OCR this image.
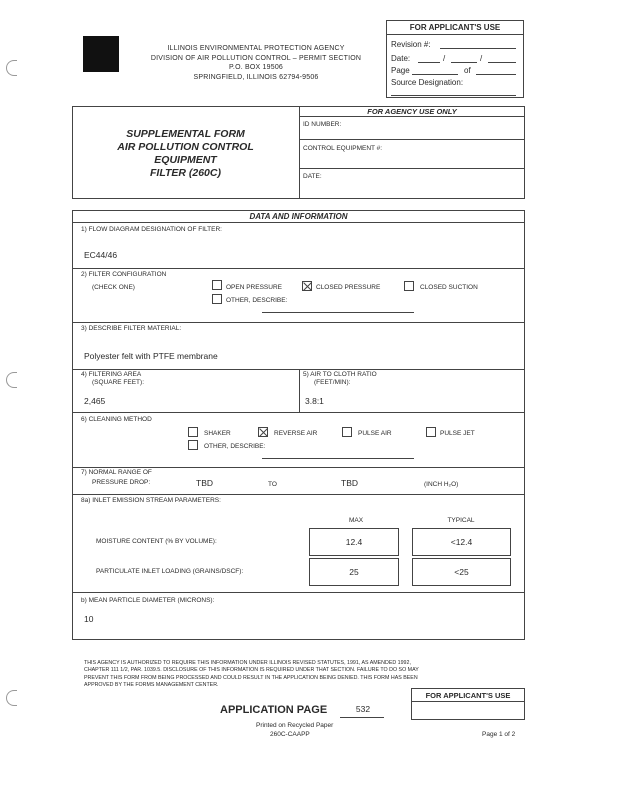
ILLINOIS ENVIRONMENTAL PROTECTION AGENCY
DIVISION OF AIR POLLUTION CONTROL – PERMIT SECTION
P.O. BOX 19506
SPRINGFIELD, ILLINOIS 62794-9506
FOR APPLICANT'S USE
Revision #:
Date:	/	/
Page	of
Source Designation:
SUPPLEMENTAL FORM
AIR POLLUTION CONTROL
EQUIPMENT
FILTER (260C)
FOR AGENCY USE ONLY
ID NUMBER:
CONTROL EQUIPMENT #:
DATE:
DATA AND INFORMATION
1) FLOW DIAGRAM DESIGNATION OF FILTER:
EC44/46
2) FILTER CONFIGURATION
(CHECK ONE)	OPEN PRESSURE	CLOSED PRESSURE	CLOSED SUCTION
OTHER, DESCRIBE:
3) DESCRIBE FILTER MATERIAL:
Polyester felt with PTFE membrane
4) FILTERING AREA
(SQUARE FEET):
2,465
5) AIR TO CLOTH RATIO
(FEET/MIN):
3.8:1
6) CLEANING METHOD
SHAKER	REVERSE AIR	PULSE AIR	PULSE JET
OTHER, DESCRIBE:
7) NORMAL RANGE OF
PRESSURE DROP:	TBD	TO	TBD	(INCH H₂O)
8a) INLET EMISSION STREAM PARAMETERS:
MAX	TYPICAL
MOISTURE CONTENT (% BY VOLUME):	12.4	<12.4
PARTICULATE INLET LOADING (GRAINS/DSCF):	25	<25
b) MEAN PARTICLE DIAMETER (MICRONS):
10
THIS AGENCY IS AUTHORIZED TO REQUIRE THIS INFORMATION UNDER ILLINOIS REVISED STATUTES, 1991, AS AMENDED 1992,
CHAPTER 111 1/2, PAR. 1039.5. DISCLOSURE OF THIS INFORMATION IS REQUIRED UNDER THAT SECTION. FAILURE TO DO SO MAY
PREVENT THIS FORM FROM BEING PROCESSED AND COULD RESULT IN THE APPLICATION BEING DENIED. THIS FORM HAS BEEN
APPROVED BY THE FORMS MANAGEMENT CENTER.
FOR APPLICANT'S USE
APPLICATION PAGE	532
Printed on Recycled Paper
260C-CAAPP	Page 1 of 2
